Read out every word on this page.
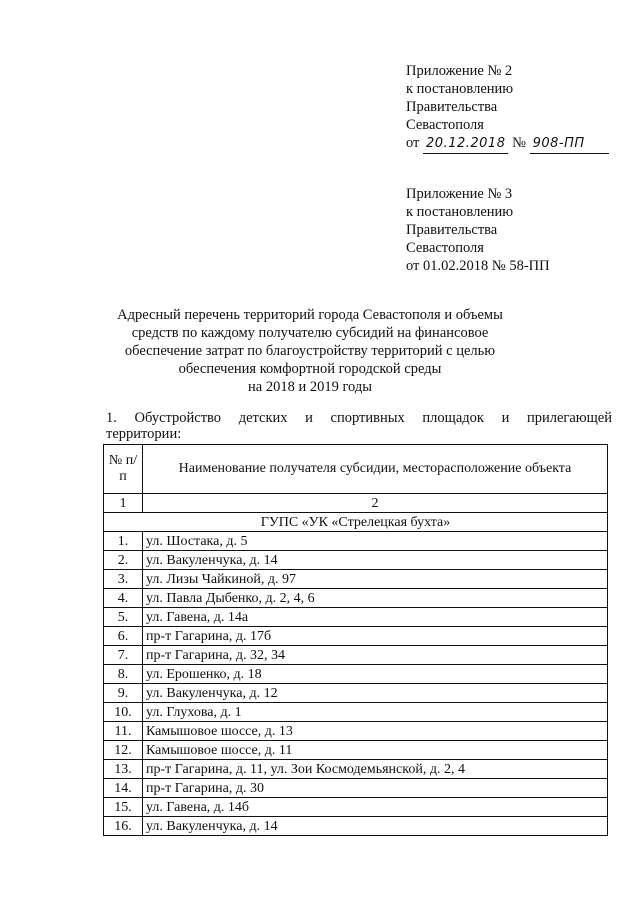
Приложение № 2
к постановлению
Правительства
Севастополя
от 20.12.2018 № 908-ПП
Приложение № 3
к постановлению
Правительства
Севастополя
от 01.02.2018 № 58-ПП
Адресный перечень территорий города Севастополя и объемы
средств по каждому получателю субсидий на финансовое
обеспечение затрат по благоустройству территорий с целью
обеспечения комфортной городской среды
на 2018 и 2019 годы
1. Обустройство детских и спортивных площадок и прилегающей
территории:
№ п/п	Наименование получателя субсидии, месторасположение объекта
1	2
ГУПС «УК «Стрелецкая бухта»	
1.	ул. Шостака, д. 5
2.	ул. Вакуленчука, д. 14
3.	ул. Лизы Чайкиной, д. 97
4.	ул. Павла Дыбенко, д. 2, 4, 6
5.	ул. Гавена, д. 14а
6.	пр-т Гагарина, д. 17б
7.	пр-т Гагарина, д. 32, 34
8.	ул. Ерошенко, д. 18
9.	ул. Вакуленчука, д. 12
10.	ул. Глухова, д. 1
11.	Камышовое шоссе, д. 13
12.	Камышовое шоссе, д. 11
13.	пр-т Гагарина, д. 11, ул. Зои Космодемьянской, д. 2, 4
14.	пр-т Гагарина, д. 30
15.	ул. Гавена, д. 14б
16.	ул. Вакуленчука, д. 14
